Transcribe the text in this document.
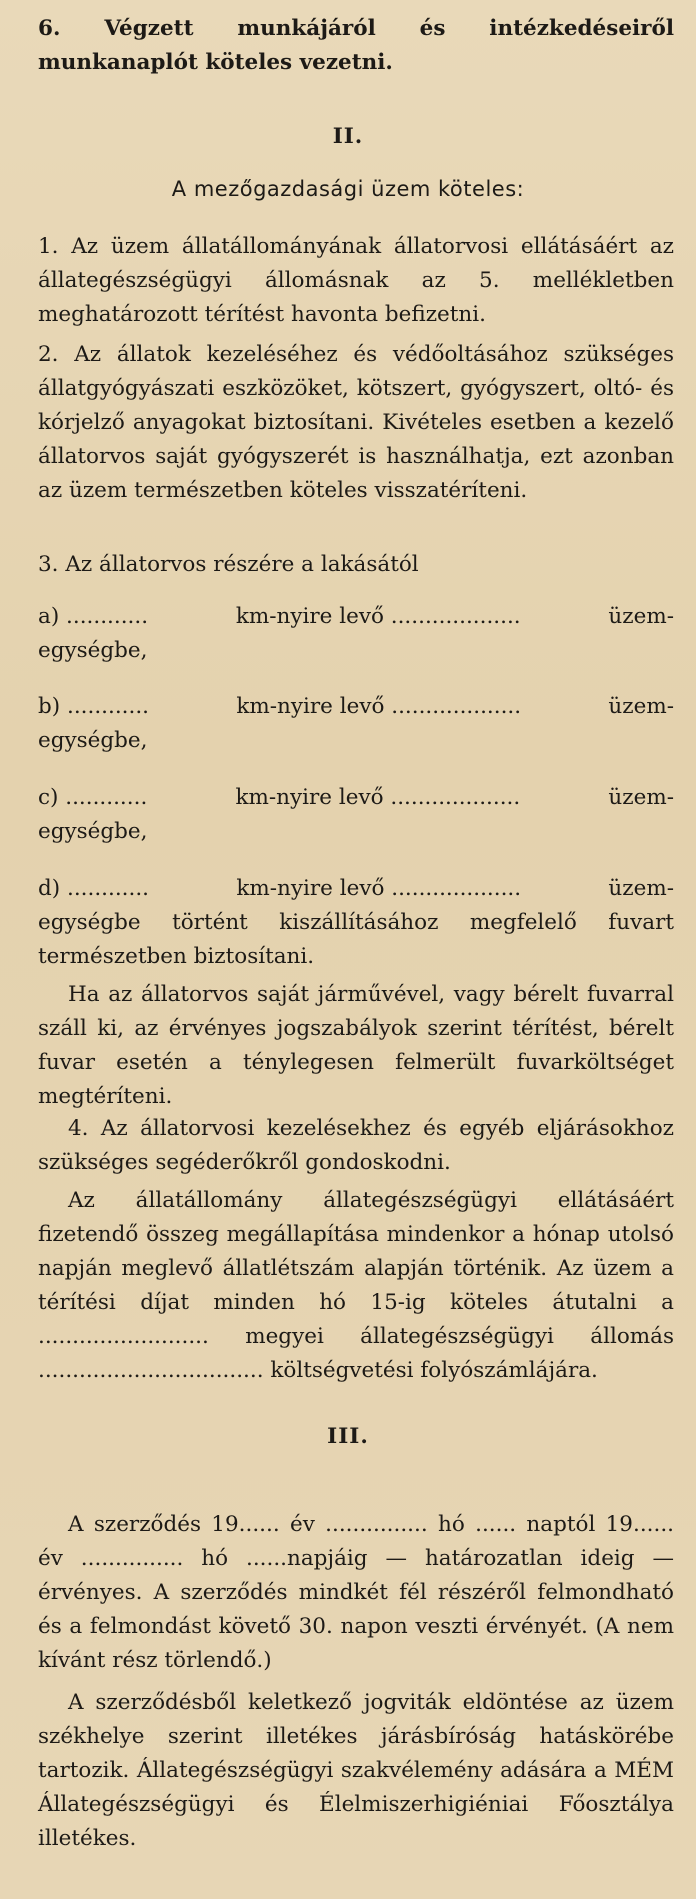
6. Végzett munkájáról és intézkedéseiről munkanaplót köteles vezetni.

II.

A mezőgazdasági üzem köteles:

1. Az üzem állatállományának állatorvosi ellátásáért az állategészségügyi állomásnak az 5. mellékletben meghatározott térítést havonta befizetni.

2. Az állatok kezeléséhez és védőoltásához szükséges állatgyógyászati eszközöket, kötszert, gyógyszert, oltó- és kórjelző anyagokat biztosítani. Kivételes esetben a kezelő állatorvos saját gyógyszerét is használhatja, ezt azonban az üzem természetben köteles visszatéríteni.

3. Az állatorvos részére a lakásától

a) ............	km-nyire levő ...................	üzem-

egységbe,

b) ............	km-nyire levő ...................	üzem-

egységbe,

c) ............	km-nyire levő ...................	üzem-

egységbe,

d) ............	km-nyire levő ...................	üzem-

egységbe történt kiszállításához megfelelő fuvart természetben biztosítani.

Ha az állatorvos saját járművével, vagy bérelt fuvarral száll ki, az érvényes jogszabályok szerint térítést, bérelt fuvar esetén a ténylegesen felmerült fuvarköltséget megtéríteni.

4. Az állatorvosi kezelésekhez és egyéb eljárásokhoz szükséges segéderőkről gondoskodni.

Az állatállomány állategészségügyi ellátásáért fizetendő összeg megállapítása mindenkor a hónap utolsó napján meglevő állatlétszám alapján történik. Az üzem a térítési díjat minden hó 15-ig köteles átutalni a ......................... megyei állategészségügyi állomás ................................. költségvetési folyószámlájára.

III.

A szerződés 19...... év ............... hó ...... naptól 19...... év ............... hó ......napjáig — határozatlan ideig — érvényes. A szerződés mindkét fél részéről felmondható és a felmondást követő 30. napon veszti érvényét. (A nem kívánt rész törlendő.)

A szerződésből keletkező jogviták eldöntése az üzem székhelye szerint illetékes járásbíróság hatáskörébe tartozik. Állategészségügyi szakvélemény adására a MÉM Állategészségügyi és Élelmiszerhigiéniai Főosztálya illetékes.
